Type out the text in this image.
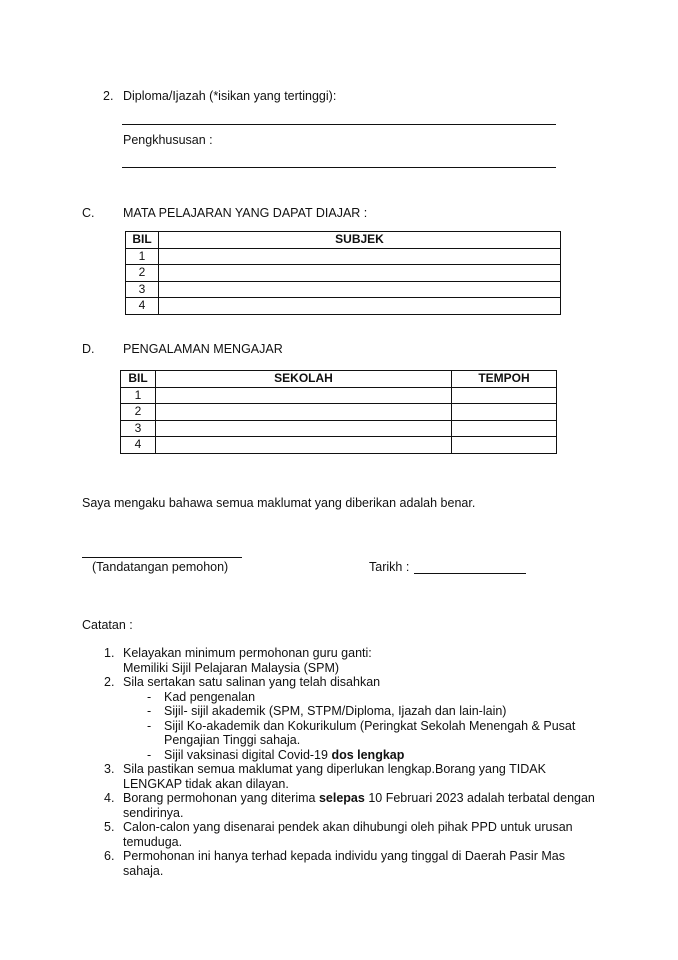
2. Diploma/Ijazah (*isikan yang tertinggi):
Pengkhususan :
C. MATA PELAJARAN YANG DAPAT DIAJAR :
BIL	SUBJEK
1	
2	
3	
4	
D. PENGALAMAN MENGAJAR
BIL	SEKOLAH	TEMPOH
1		
2		
3		
4		
Saya mengaku bahawa semua maklumat yang diberikan adalah benar.
(Tandatangan pemohon)	Tarikh :
Catatan :
1. Kelayakan minimum permohonan guru ganti:
Memiliki Sijil Pelajaran Malaysia (SPM)
2. Sila sertakan satu salinan yang telah disahkan
- Kad pengenalan
- Sijil- sijil akademik (SPM, STPM/Diploma, Ijazah dan lain-lain)
- Sijil Ko-akademik dan Kokurikulum (Peringkat Sekolah Menengah & Pusat
Pengajian Tinggi sahaja.
- Sijil vaksinasi digital Covid-19 dos lengkap
3. Sila pastikan semua maklumat yang diperlukan lengkap.Borang yang TIDAK
LENGKAP tidak akan dilayan.
4. Borang permohonan yang diterima selepas 10 Februari 2023 adalah terbatal dengan
sendirinya.
5. Calon-calon yang disenarai pendek akan dihubungi oleh pihak PPD untuk urusan
temuduga.
6. Permohonan ini hanya terhad kepada individu yang tinggal di Daerah Pasir Mas
sahaja.
